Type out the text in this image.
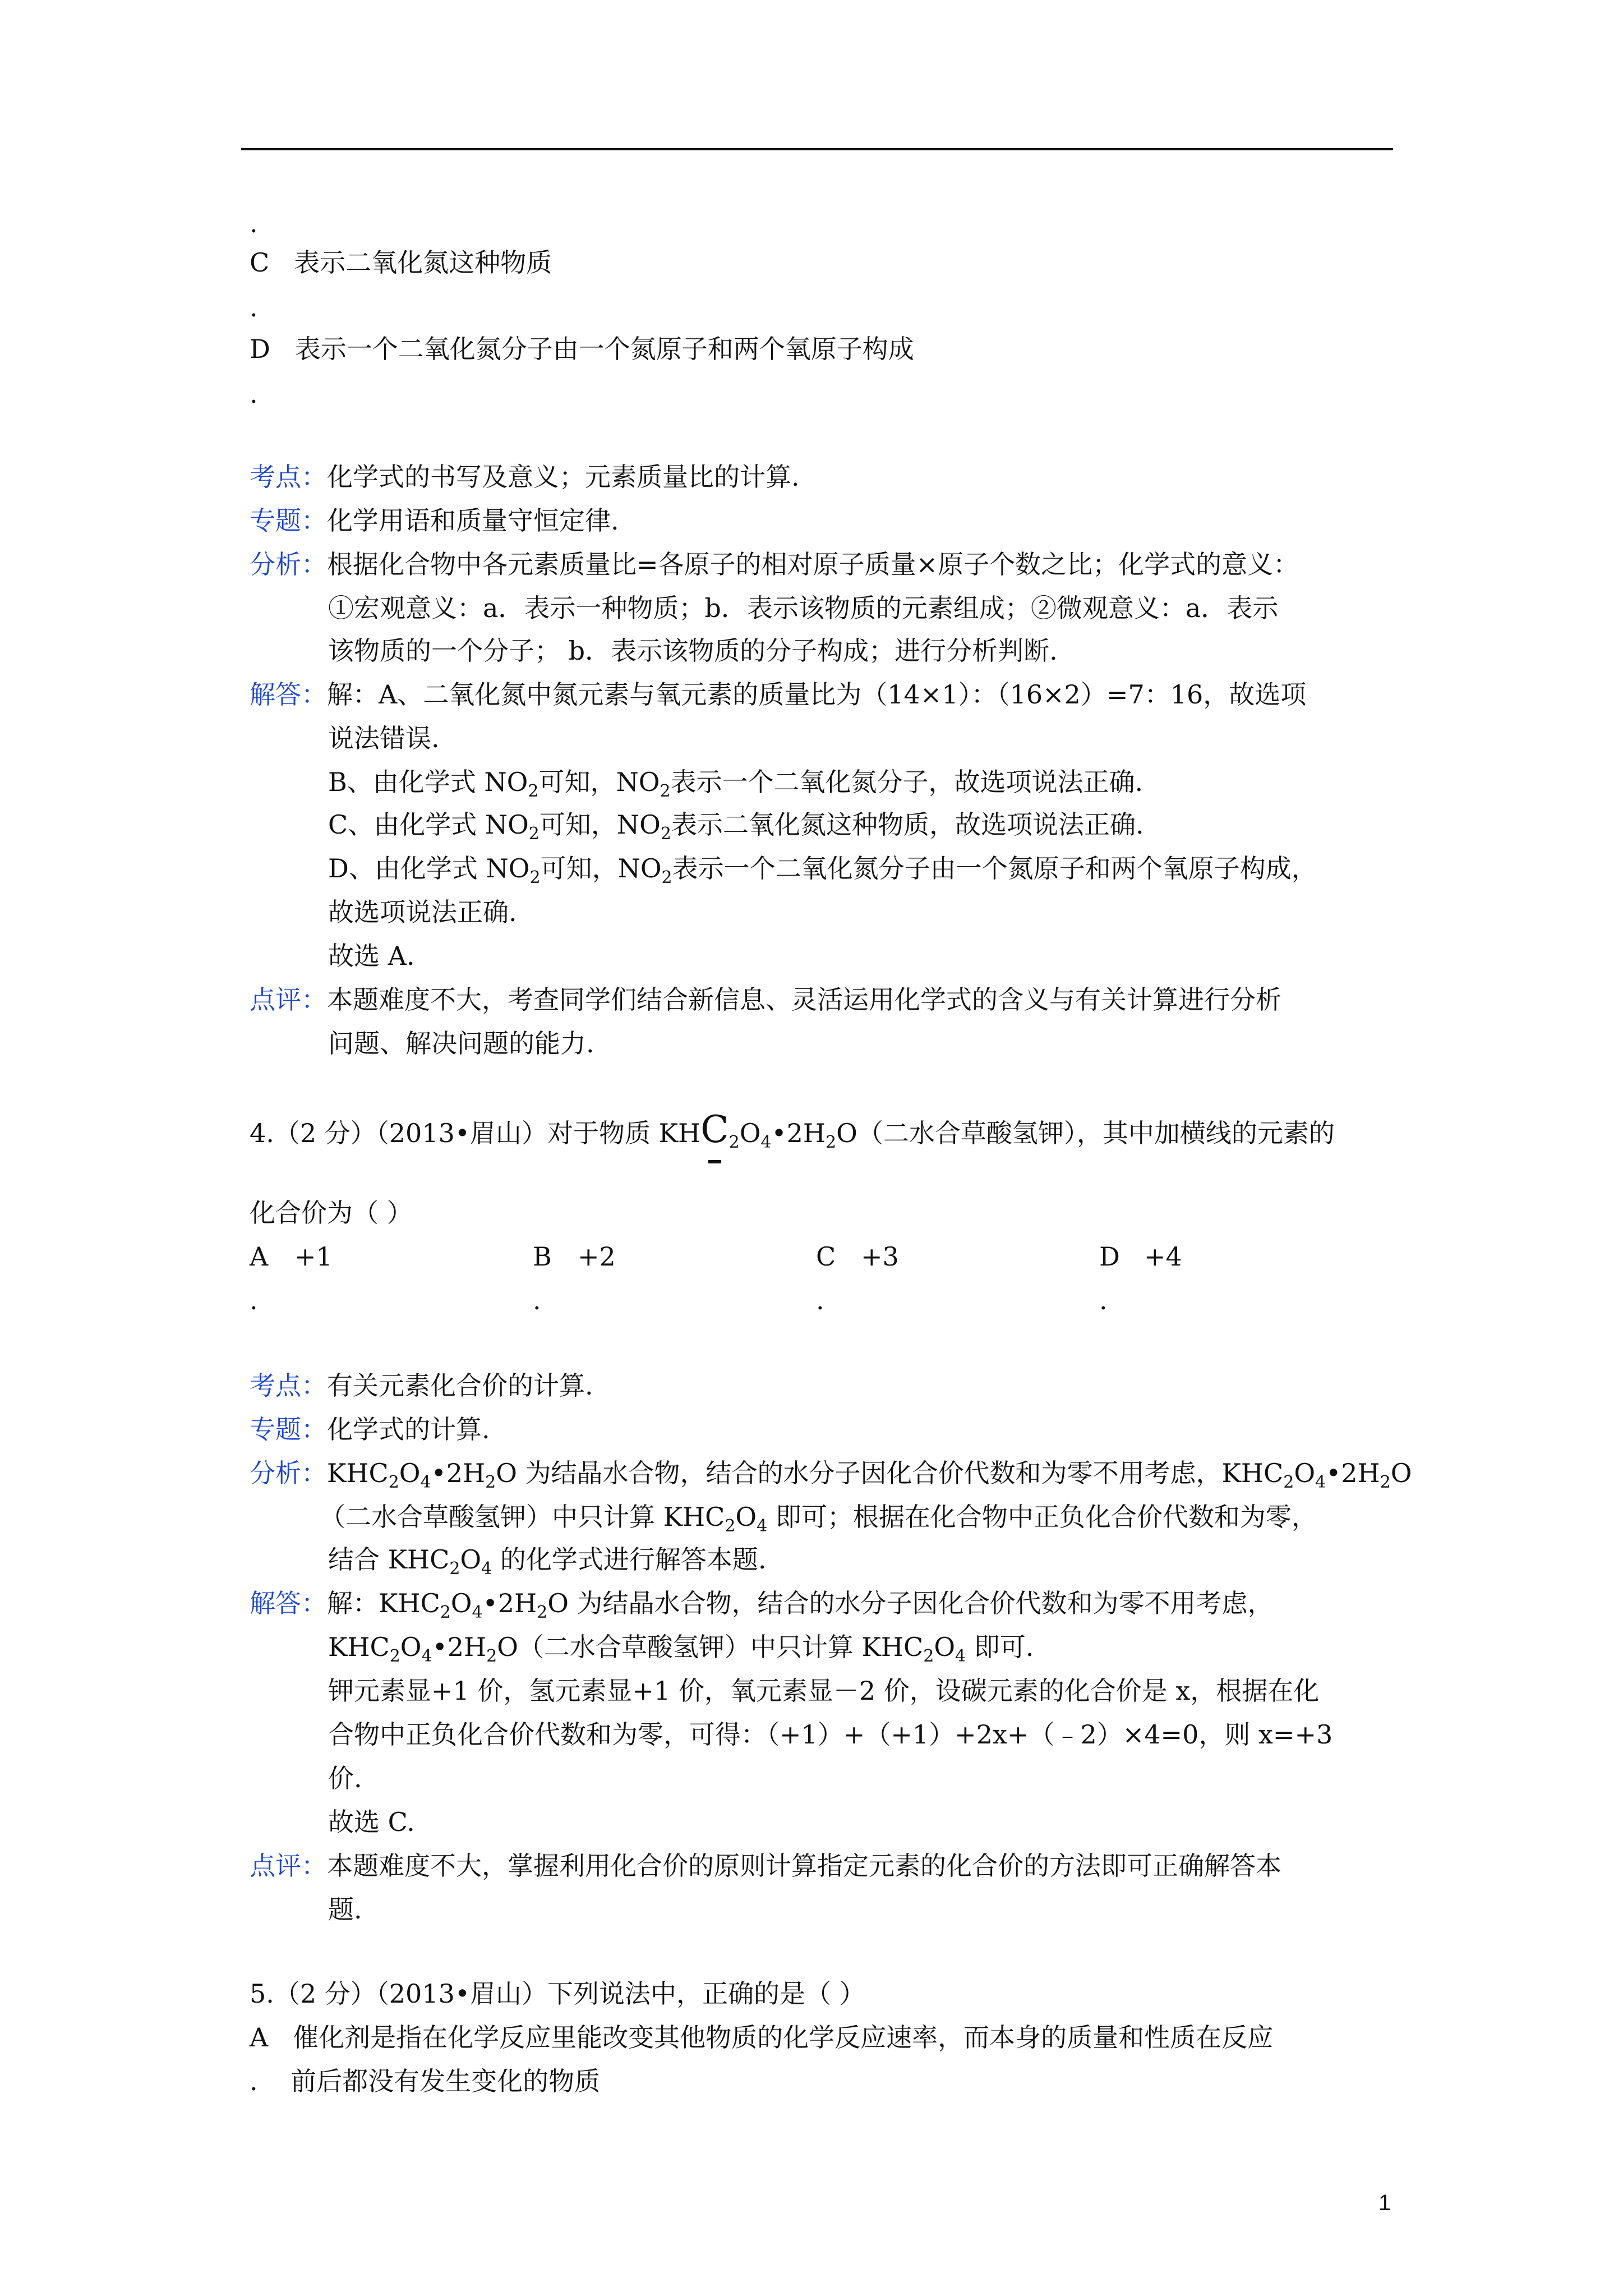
.
C 表示二氧化氮这种物质
.
D 表示一个二氧化氮分子由一个氮原子和两个氧原子构成
.
考点：化学式的书写及意义；元素质量比的计算.
专题：化学用语和质量守恒定律.
分析：根据化合物中各元素质量比=各原子的相对原子质量×原子个数之比；化学式的意义：
①宏观意义：a．表示一种物质；b．表示该物质的元素组成；②微观意义：a．表示
该物质的一个分子； b．表示该物质的分子构成；进行分析判断.
解答：解：A、二氧化氮中氮元素与氧元素的质量比为（14×1）：（16×2）=7：16，故选项
说法错误.
B、由化学式 $NO_2$可知，$NO_2$表示一个二氧化氮分子，故选项说法正确.
C、由化学式 $NO_2$可知，$NO_2$表示二氧化氮这种物质，故选项说法正确.
D、由化学式 $NO_2$可知，$NO_2$表示一个二氧化氮分子由一个氮原子和两个氧原子构成，
故选项说法正确.
故选 A.
点评：本题难度不大，考查同学们结合新信息、灵活运用化学式的含义与有关计算进行分析
问题、解决问题的能力.
4.（2 分）（2013•眉山）对于物质 $KHC_2O_4•2H_2O$（二水合草酸氢钾），其中加横线的元素的
化合价为（ ）
A +1	B +2	C +3	D +4
.	.	.	.
考点：有关元素化合价的计算.
专题：化学式的计算.
分析：$KHC_2O_4•2H_2O$ 为结晶水合物，结合的水分子因化合价代数和为零不用考虑，$KHC_2O_4•2H_2O$
（二水合草酸氢钾）中只计算 $KHC_2O_4$ 即可；根据在化合物中正负化合价代数和为零，
结合 $KHC_2O_4$ 的化学式进行解答本题.
解答：解：$KHC_2O_4•2H_2O$ 为结晶水合物，结合的水分子因化合价代数和为零不用考虑，
$KHC_2O_4•2H_2O$（二水合草酸氢钾）中只计算 $KHC_2O_4$ 即可.
钾元素显+1 价，氢元素显+1 价，氧元素显－2 价，设碳元素的化合价是 x，根据在化
合物中正负化合价代数和为零，可得：（+1）+（+1）+2x+（﹣2）×4=0，则 x=+3
价.
故选 C.
点评：本题难度不大，掌握利用化合价的原则计算指定元素的化合价的方法即可正确解答本
题.
5.（2 分）（2013•眉山）下列说法中，正确的是（ ）
A 催化剂是指在化学反应里能改变其他物质的化学反应速率，而本身的质量和性质在反应
. 前后都没有发生变化的物质
1
